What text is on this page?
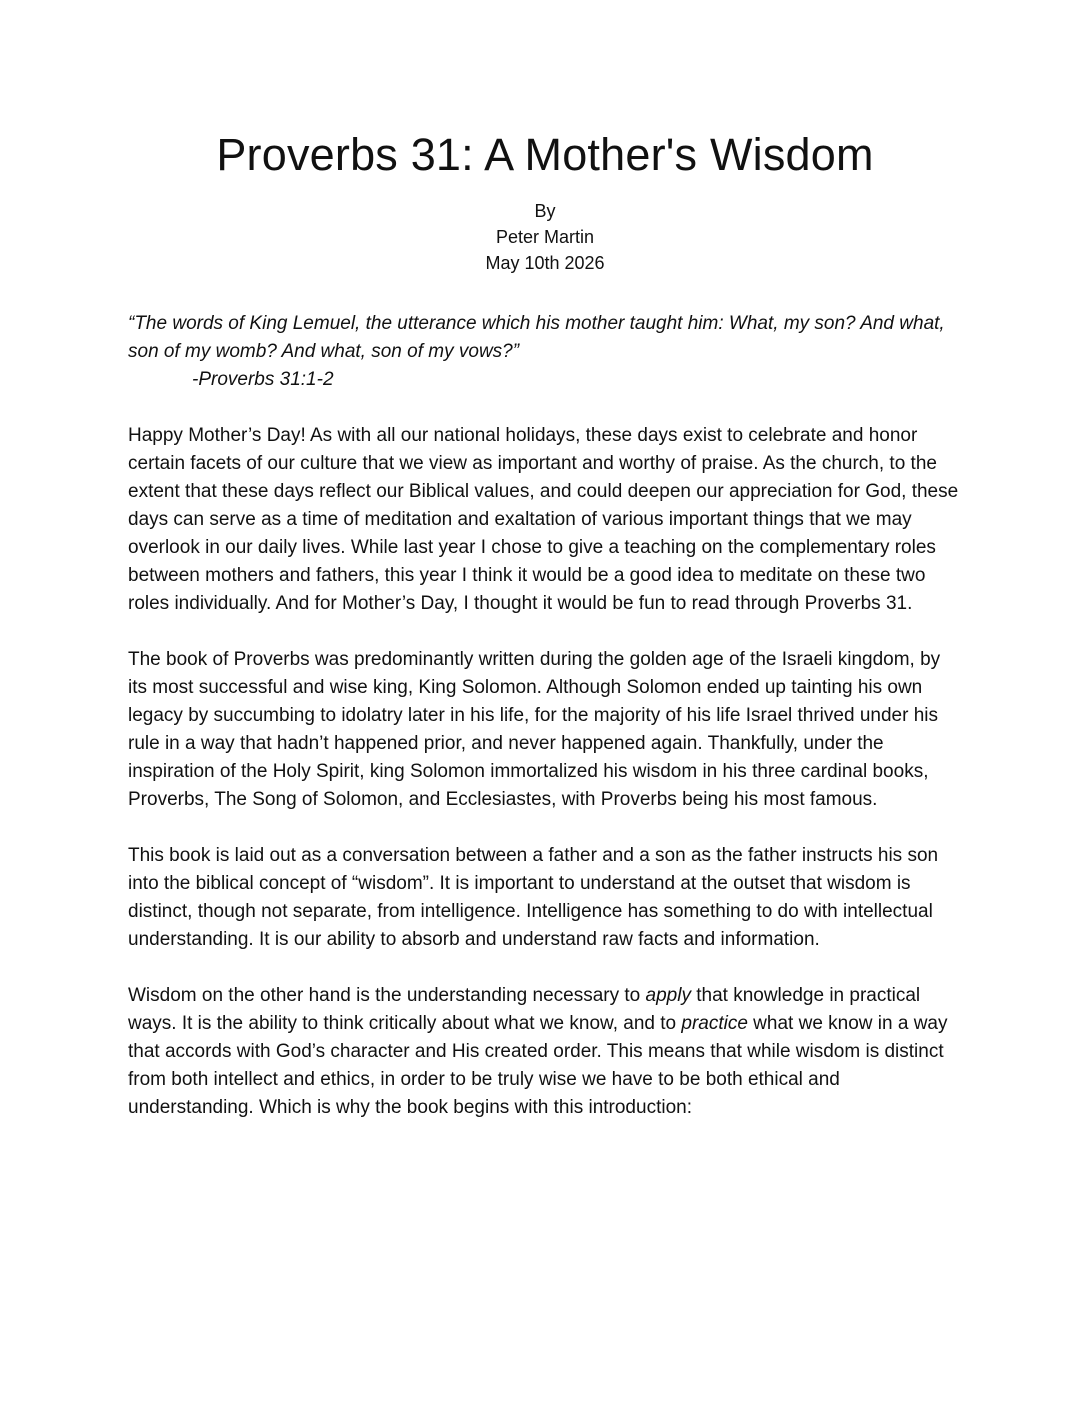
Proverbs 31: A Mother's Wisdom
By
Peter Martin
May 10th 2026
“The words of King Lemuel, the utterance which his mother taught him: What, my son? And what, son of my womb? And what, son of my vows?”
-Proverbs 31:1-2

Happy Mother’s Day! As with all our national holidays, these days exist to celebrate and honor certain facets of our culture that we view as important and worthy of praise. As the church, to the extent that these days reflect our Biblical values, and could deepen our appreciation for God, these days can serve as a time of meditation and exaltation of various important things that we may overlook in our daily lives. While last year I chose to give a teaching on the complementary roles between mothers and fathers, this year I think it would be a good idea to meditate on these two roles individually. And for Mother’s Day, I thought it would be fun to read through Proverbs 31.

The book of Proverbs was predominantly written during the golden age of the Israeli kingdom, by its most successful and wise king, King Solomon. Although Solomon ended up tainting his own legacy by succumbing to idolatry later in his life, for the majority of his life Israel thrived under his rule in a way that hadn’t happened prior, and never happened again. Thankfully, under the inspiration of the Holy Spirit, king Solomon immortalized his wisdom in his three cardinal books, Proverbs, The Song of Solomon, and Ecclesiastes, with Proverbs being his most famous.

This book is laid out as a conversation between a father and a son as the father instructs his son into the biblical concept of “wisdom”. It is important to understand at the outset that wisdom is distinct, though not separate, from intelligence. Intelligence has something to do with intellectual understanding. It is our ability to absorb and understand raw facts and information.

Wisdom on the other hand is the understanding necessary to apply that knowledge in practical ways. It is the ability to think critically about what we know, and to practice what we know in a way that accords with God’s character and His created order. This means that while wisdom is distinct from both intellect and ethics, in order to be truly wise we have to be both ethical and understanding. Which is why the book begins with this introduction:
